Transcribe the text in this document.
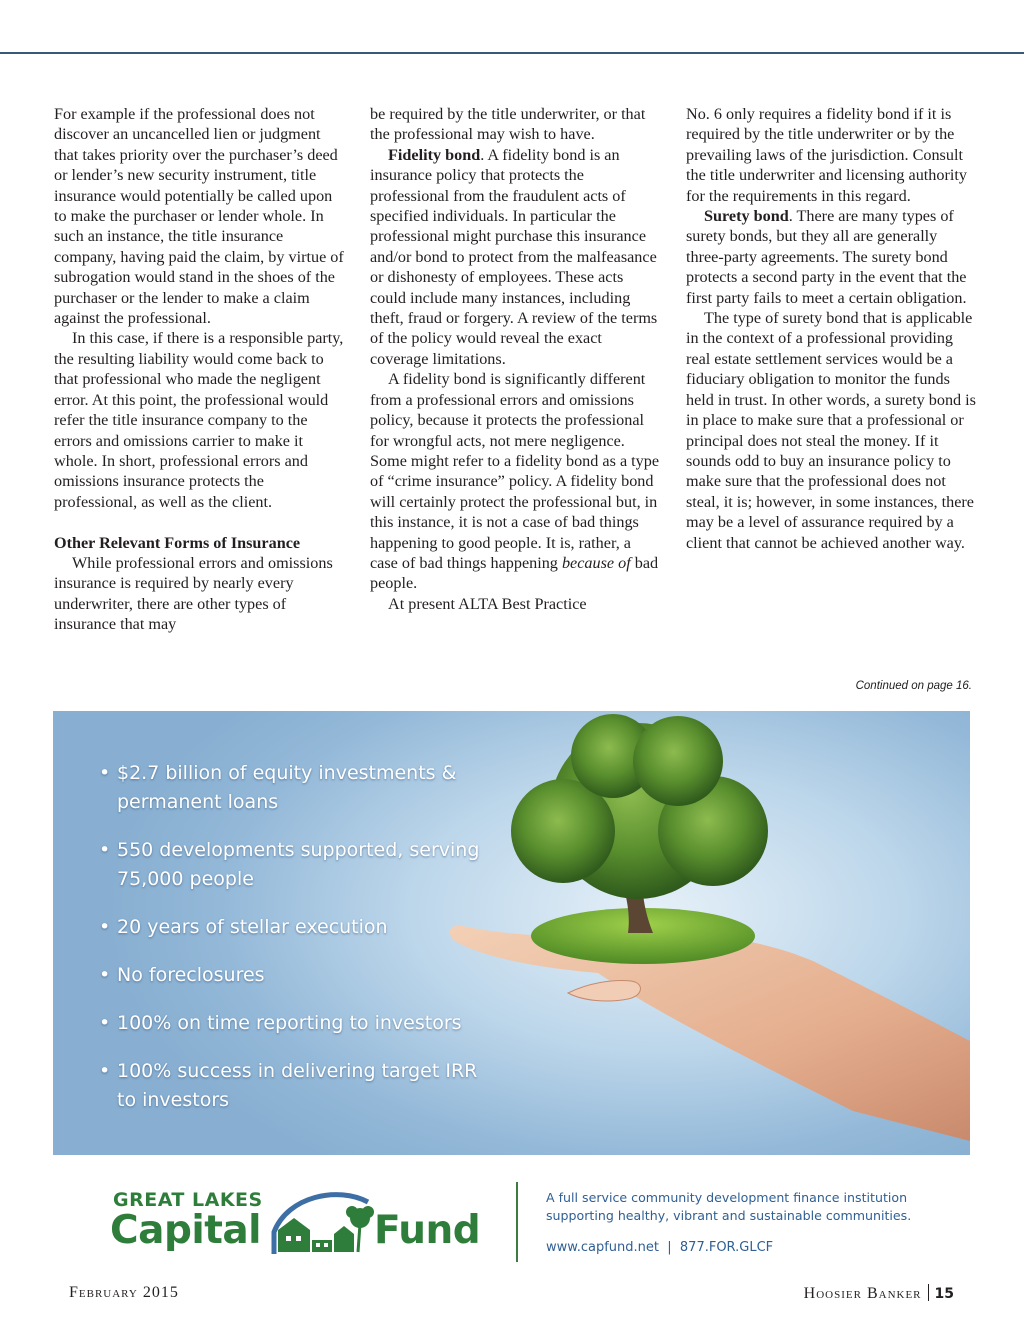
For example if the professional does not discover an uncancelled lien or judgment that takes priority over the purchaser’s deed or lender’s new security instrument, title insurance would potentially be called upon to make the purchaser or lender whole. In such an instance, the title insurance company, having paid the claim, by virtue of subrogation would stand in the shoes of the purchaser or the lender to make a claim against the professional.

In this case, if there is a responsible party, the resulting liability would come back to that professional who made the negligent error. At this point, the professional would refer the title insurance company to the errors and omissions carrier to make it whole. In short, professional errors and omissions insurance protects the professional, as well as the client.

Other Relevant Forms of Insurance

While professional errors and omissions insurance is required by nearly every underwriter, there are other types of insurance that may

be required by the title underwriter, or that the professional may wish to have.

Fidelity bond. A fidelity bond is an insurance policy that protects the professional from the fraudulent acts of specified individuals. In particular the professional might purchase this insurance and/or bond to protect from the malfeasance or dishonesty of employees. These acts could include many instances, including theft, fraud or forgery. A review of the terms of the policy would reveal the exact coverage limitations.

A fidelity bond is significantly different from a professional errors and omissions policy, because it protects the professional for wrongful acts, not mere negligence. Some might refer to a fidelity bond as a type of “crime insurance” policy. A fidelity bond will certainly protect the professional but, in this instance, it is not a case of bad things happening to good people. It is, rather, a case of bad things happening because of bad people.

At present ALTA Best Practice

No. 6 only requires a fidelity bond if it is required by the title underwriter or by the prevailing laws of the jurisdiction. Consult the title underwriter and licensing authority for the requirements in this regard.

Surety bond. There are many types of surety bonds, but they all are generally three-party agreements. The surety bond protects a second party in the event that the first party fails to meet a certain obligation.

The type of surety bond that is applicable in the context of a professional providing real estate settlement services would be a fiduciary obligation to monitor the funds held in trust. In other words, a surety bond is in place to make sure that a professional or principal does not steal the money. If it sounds odd to buy an insurance policy to make sure that the professional does not steal, it is; however, in some instances, there may be a level of assurance required by a client that cannot be achieved another way.

Continued on page 16.
• $2.7 billion of equity investments & permanent loans
• 550 developments supported, serving 75,000 people
• 20 years of stellar execution
• No foreclosures
• 100% on time reporting to investors
• 100% success in delivering target IRR to investors
GREAT LAKES
Capital	Fund
A full service community development finance institution supporting healthy, vibrant and sustainable communities.
www.capfund.net | 877.FOR.GLCF
February 2015	Hoosier Banker 15
